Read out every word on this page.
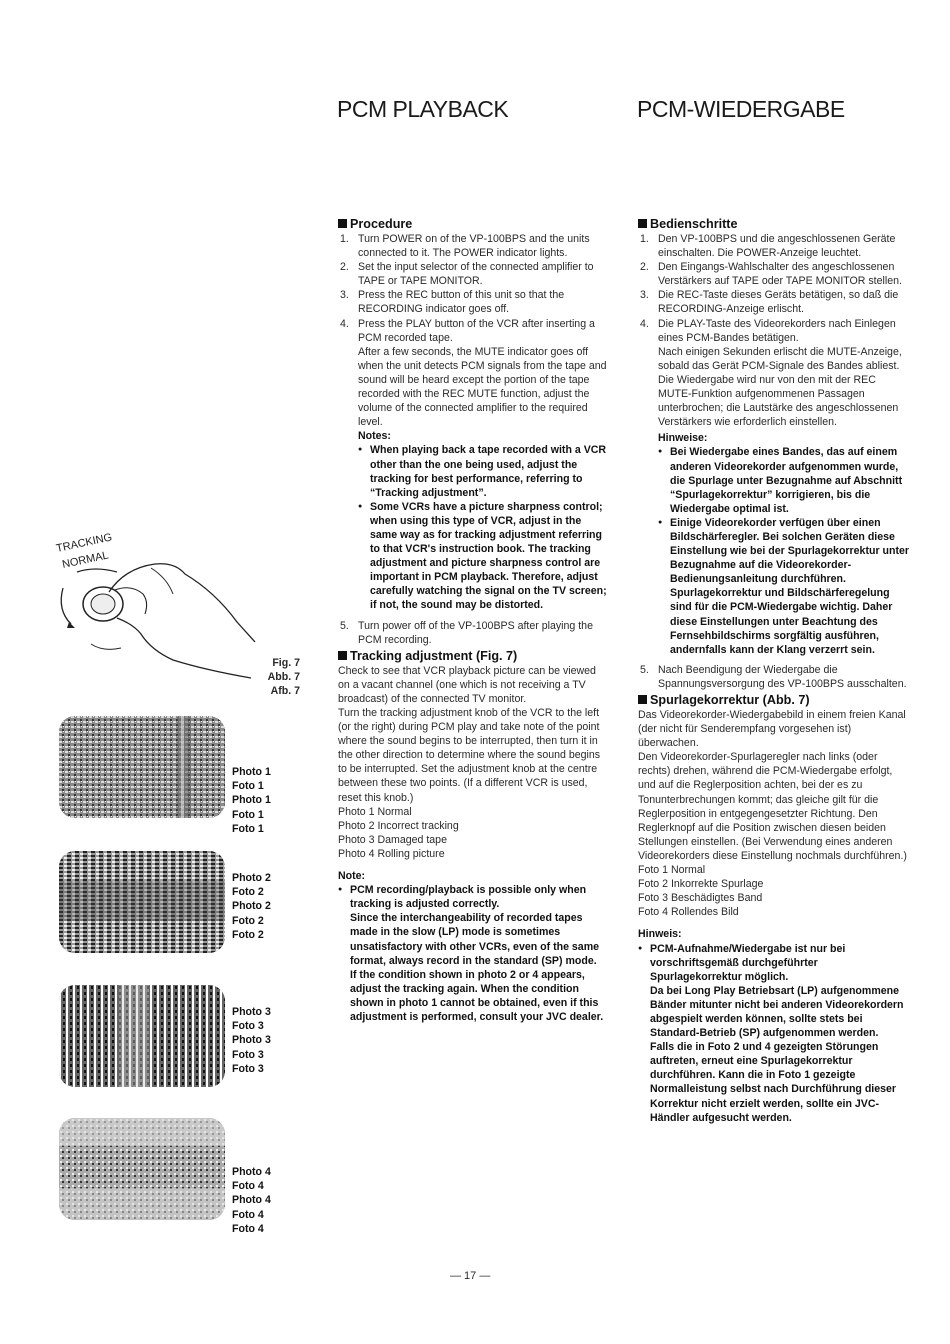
PCM PLAYBACK	PCM-WIEDERGABE
TRACKING
NORMAL
Fig. 7
Abb. 7
Afb. 7
Photo 1
Foto 1
Photo 1
Foto 1
Foto 1
Photo 2
Foto 2
Photo 2
Foto 2
Foto 2
Photo 3
Foto 3
Photo 3
Foto 3
Foto 3
Photo 4
Foto 4
Photo 4
Foto 4
Foto 4

Procedure

1. Turn POWER on of the VP-100BPS and the units connected to it. The POWER indicator lights.
2. Set the input selector of the connected amplifier to TAPE or TAPE MONITOR.
3. Press the REC button of this unit so that the RECORDING indicator goes off.
4. Press the PLAY button of the VCR after inserting a PCM recorded tape.

After a few seconds, the MUTE indicator goes off when the unit detects PCM signals from the tape and sound will be heard except the portion of the tape recorded with the REC MUTE function, adjust the volume of the connected amplifier to the required level.

Notes:

● When playing back a tape recorded with a VCR other than the one being used, adjust the tracking for best performance, referring to “Tracking adjustment”.

● Some VCRs have a picture sharpness control; when using this type of VCR, adjust in the same way as for tracking adjustment referring to that VCR's instruction book. The tracking adjustment and picture sharpness control are important in PCM playback. Therefore, adjust carefully watching the signal on the TV screen; if not, the sound may be distorted.

5. Turn power off of the VP-100BPS after playing the PCM recording.

Tracking adjustment (Fig. 7)

Check to see that VCR playback picture can be viewed on a vacant channel (one which is not receiving a TV broadcast) of the connected TV monitor.

Turn the tracking adjustment knob of the VCR to the left (or the right) during PCM play and take note of the point where the sound begins to be interrupted, then turn it in the other direction to determine where the sound begins to be interrupted. Set the adjustment knob at the centre between these two points. (If a different VCR is used, reset this knob.)

Photo 1 Normal

Photo 2 Incorrect tracking

Photo 3 Damaged tape

Photo 4 Rolling picture

Note:

● PCM recording/playback is possible only when tracking is adjusted correctly.

Since the interchangeability of recorded tapes made in the slow (LP) mode is sometimes unsatisfactory with other VCRs, even of the same format, always record in the standard (SP) mode.

If the condition shown in photo 2 or 4 appears, adjust the tracking again. When the condition shown in photo 1 cannot be obtained, even if this adjustment is performed, consult your JVC dealer.

Bedienschritte

1. Den VP-100BPS und die angeschlossenen Geräte einschalten. Die POWER-Anzeige leuchtet.
2. Den Eingangs-Wahlschalter des angeschlossenen Verstärkers auf TAPE oder TAPE MONITOR stellen.
3. Die REC-Taste dieses Geräts betätigen, so daß die RECORDING-Anzeige erlischt.
4. Die PLAY-Taste des Videorekorders nach Einlegen eines PCM-Bandes betätigen.

Nach einigen Sekunden erlischt die MUTE-Anzeige, sobald das Gerät PCM-Signale des Bandes abliest. Die Wiedergabe wird nur von den mit der REC MUTE-Funktion aufgenommenen Passagen unterbrochen; die Lautstärke des angeschlossenen Verstärkers wie erforderlich einstellen.

Hinweise:

● Bei Wiedergabe eines Bandes, das auf einem anderen Videorekorder aufgenommen wurde, die Spurlage unter Bezugnahme auf Abschnitt “Spurlagekorrektur” korrigieren, bis die Wiedergabe optimal ist.

● Einige Videorekorder verfügen über einen Bildschärferegler. Bei solchen Geräten diese Einstellung wie bei der Spurlagekorrektur unter Bezugnahme auf die Videorekorder-Bedienungsanleitung durchführen. Spurlagekorrektur und Bildschärferegelung sind für die PCM-Wiedergabe wichtig. Daher diese Einstellungen unter Beachtung des Fernsehbildschirms sorgfältig ausführen, andernfalls kann der Klang verzerrt sein.

5. Nach Beendigung der Wiedergabe die Spannungsversorgung des VP-100BPS ausschalten.

Spurlagekorrektur (Abb. 7)

Das Videorekorder-Wiedergabebild in einem freien Kanal (der nicht für Senderempfang vorgesehen ist) überwachen.

Den Videorekorder-Spurlageregler nach links (oder rechts) drehen, während die PCM-Wiedergabe erfolgt, und auf die Reglerposition achten, bei der es zu Tonunterbrechungen kommt; das gleiche gilt für die Reglerposition in entgegengesetzter Richtung. Den Reglerknopf auf die Position zwischen diesen beiden Stellungen einstellen. (Bei Verwendung eines anderen Videorekorders diese Einstellung nochmals durchführen.)

Foto 1 Normal

Foto 2 Inkorrekte Spurlage

Foto 3 Beschädigtes Band

Foto 4 Rollendes Bild

Hinweis:

● PCM-Aufnahme/Wiedergabe ist nur bei vorschriftsgemäß durchgeführter Spurlagekorrektur möglich.

Da bei Long Play Betriebsart (LP) aufgenommene Bänder mitunter nicht bei anderen Videorekordern abgespielt werden können, sollte stets bei Standard-Betrieb (SP) aufgenommen werden.

Falls die in Foto 2 und 4 gezeigten Störungen auftreten, erneut eine Spurlagekorrektur durchführen. Kann die in Foto 1 gezeigte Normalleistung selbst nach Durchführung dieser Korrektur nicht erzielt werden, sollte ein JVC-Händler aufgesucht werden.

— 17 —
